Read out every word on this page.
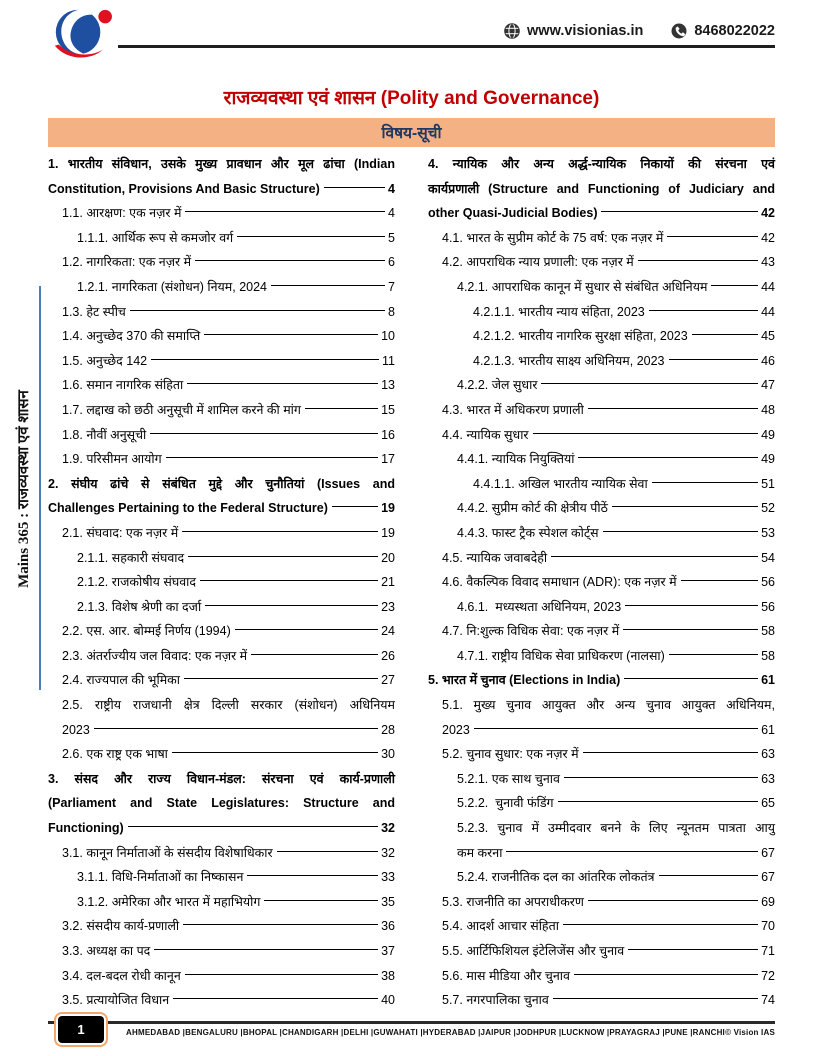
www.visionias.in	8468022022
राजव्यवस्था एवं शासन (Polity and Governance)
विषय-सूची
1. भारतीय संविधान, उसके मुख्य प्रावधान और मूल ढांचा (Indian
Constitution, Provisions And Basic Structure)	4
1.1. आरक्षण: एक नज़र में	4
1.1.1. आर्थिक रूप से कमजोर वर्ग	5
1.2. नागरिकता: एक नज़र में	6
1.2.1. नागरिकता (संशोधन) नियम, 2024	7
1.3. हेट स्पीच	8
1.4. अनुच्छेद 370 की समाप्ति	10
1.5. अनुच्छेद 142	11
1.6. समान नागरिक संहिता	13
1.7. लद्दाख को छठी अनुसूची में शामिल करने की मांग	15
1.8. नौवीं अनुसूची	16
1.9. परिसीमन आयोग	17
2. संघीय ढांचे से संबंधित मुद्दे और चुनौतियां (Issues and
Challenges Pertaining to the Federal Structure)	19
2.1. संघवाद: एक नज़र में	19
2.1.1. सहकारी संघवाद	20
2.1.2. राजकोषीय संघवाद	21
2.1.3. विशेष श्रेणी का दर्जा	23
2.2. एस. आर. बोम्मई निर्णय (1994)	24
2.3. अंतर्राज्यीय जल विवाद: एक नज़र में	26
2.4. राज्यपाल की भूमिका	27
2.5. राष्ट्रीय राजधानी क्षेत्र दिल्ली सरकार (संशोधन) अधिनियम
2023	28
2.6. एक राष्ट्र एक भाषा	30
3. संसद और राज्य विधान-मंडल: संरचना एवं कार्य-प्रणाली
(Parliament and State Legislatures: Structure and
Functioning)	32
3.1. कानून निर्माताओं के संसदीय विशेषाधिकार	32
3.1.1. विधि-निर्माताओं का निष्कासन	33
3.1.2. अमेरिका और भारत में महाभियोग	35
3.2. संसदीय कार्य-प्रणाली	36
3.3. अध्यक्ष का पद	37
3.4. दल-बदल रोधी कानून	38
3.5. प्रत्यायोजित विधान	40
4. न्यायिक और अन्य अर्द्ध-न्यायिक निकायों की संरचना एवं
कार्यप्रणाली (Structure and Functioning of Judiciary and
other Quasi-Judicial Bodies)	42
4.1. भारत के सुप्रीम कोर्ट के 75 वर्ष: एक नज़र में	42
4.2. आपराधिक न्याय प्रणाली: एक नज़र में	43
4.2.1. आपराधिक कानून में सुधार से संबंधित अधिनियम	44
4.2.1.1. भारतीय न्याय संहिता, 2023	44
4.2.1.2. भारतीय नागरिक सुरक्षा संहिता, 2023	45
4.2.1.3. भारतीय साक्ष्य अधिनियम, 2023	46
4.2.2. जेल सुधार	47
4.3. भारत में अधिकरण प्रणाली	48
4.4. न्यायिक सुधार	49
4.4.1. न्यायिक नियुक्तियां	49
4.4.1.1. अखिल भारतीय न्यायिक सेवा	51
4.4.2. सुप्रीम कोर्ट की क्षेत्रीय पीठें	52
4.4.3. फास्ट ट्रैक स्पेशल कोर्ट्स	53
4.5. न्यायिक जवाबदेही	54
4.6. वैकल्पिक विवाद समाधान (ADR): एक नज़र में	56
4.6.1.  मध्यस्थता अधिनियम, 2023	56
4.7. नि:शुल्क विधिक सेवा: एक नज़र में	58
4.7.1. राष्ट्रीय विधिक सेवा प्राधिकरण (नालसा)	58
5. भारत में चुनाव (Elections in India)	61
5.1. मुख्य चुनाव आयुक्त और अन्य चुनाव आयुक्त अधिनियम,
2023	61
5.2. चुनाव सुधार: एक नज़र में	63
5.2.1. एक साथ चुनाव	63
5.2.2.  चुनावी फंडिंग	65
5.2.3. चुनाव में उम्मीदवार बनने के लिए न्यूनतम पात्रता आयु
कम करना	67
5.2.4. राजनीतिक दल का आंतरिक लोकतंत्र	67
5.3. राजनीति का अपराधीकरण	69
5.4. आदर्श आचार संहिता	70
5.5. आर्टिफिशियल इंटेलिजेंस और चुनाव	71
5.6. मास मीडिया और चुनाव	72
5.7. नगरपालिका चुनाव	74
Mains 365 : राजव्यवस्था एवं शासन
1	AHMEDABAD |BENGALURU |BHOPAL |CHANDIGARH |DELHI |GUWAHATI |HYDERABAD |JAIPUR |JODHPUR |LUCKNOW |PRAYAGRAJ |PUNE |RANCHI © Vision IAS
